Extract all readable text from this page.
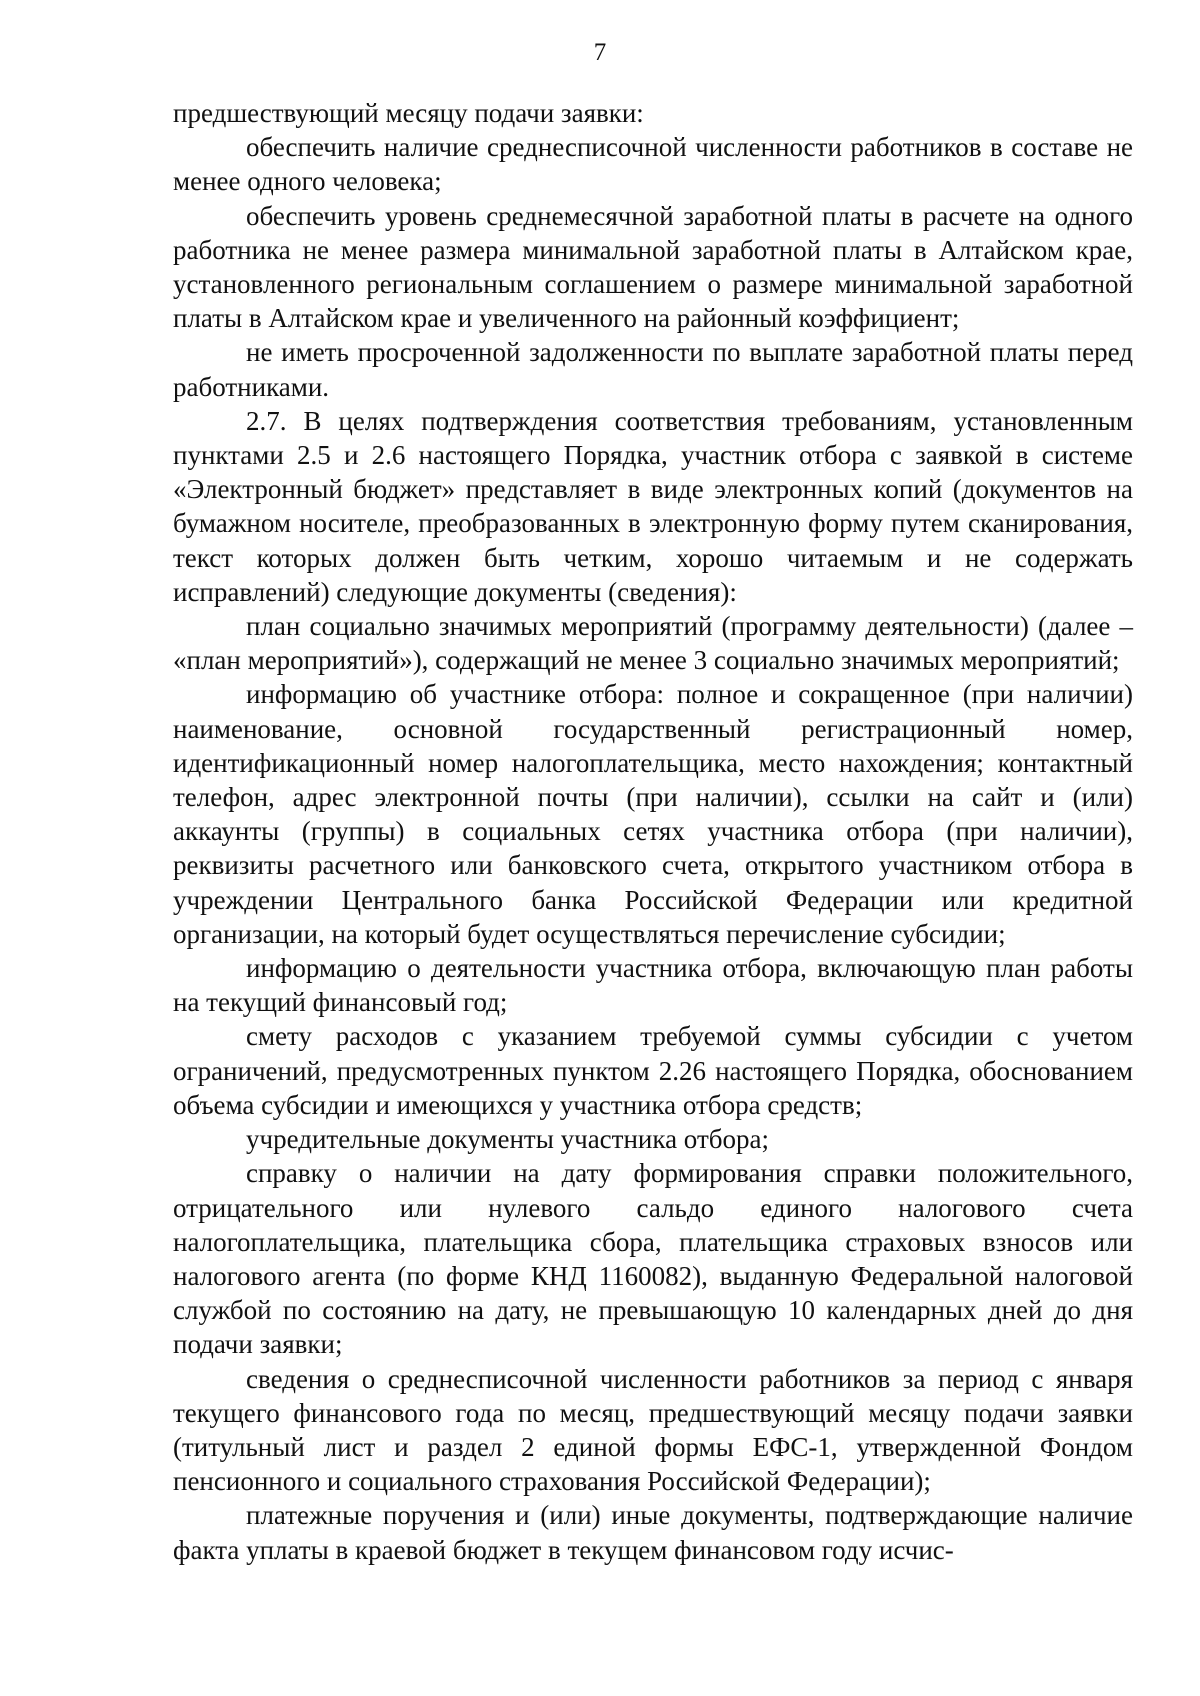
7

предшествующий месяцу подачи заявки:

обеспечить наличие среднесписочной численности работников в составе не менее одного человека;

обеспечить уровень среднемесячной заработной платы в расчете на одного работника не менее размера минимальной заработной платы в Алтайском крае, установленного региональным соглашением о размере минимальной заработной платы в Алтайском крае и увеличенного на районный коэффициент;

не иметь просроченной задолженности по выплате заработной платы перед работниками.

2.7. В целях подтверждения соответствия требованиям, установленным пунктами 2.5 и 2.6 настоящего Порядка, участник отбора с заявкой в системе «Электронный бюджет» представляет в виде электронных копий (документов на бумажном носителе, преобразованных в электронную форму путем сканирования, текст которых должен быть четким, хорошо читаемым и не содержать исправлений) следующие документы (сведения):

план социально значимых мероприятий (программу деятельности) (далее – «план мероприятий»), содержащий не менее 3 социально значимых мероприятий;

информацию об участнике отбора: полное и сокращенное (при наличии) наименование, основной государственный регистрационный номер, идентификационный номер налогоплательщика, место нахождения; контактный телефон, адрес электронной почты (при наличии), ссылки на сайт и (или) аккаунты (группы) в социальных сетях участника отбора (при наличии), реквизиты расчетного или банковского счета, открытого участником отбора в учреждении Центрального банка Российской Федерации или кредитной организации, на который будет осуществляться перечисление субсидии;

информацию о деятельности участника отбора, включающую план работы на текущий финансовый год;

смету расходов с указанием требуемой суммы субсидии с учетом ограничений, предусмотренных пунктом 2.26 настоящего Порядка, обоснованием объема субсидии и имеющихся у участника отбора средств;

учредительные документы участника отбора;

справку о наличии на дату формирования справки положительного, отрицательного или нулевого сальдо единого налогового счета налогоплательщика, плательщика сбора, плательщика страховых взносов или налогового агента (по форме КНД 1160082), выданную Федеральной налоговой службой по состоянию на дату, не превышающую 10 календарных дней до дня подачи заявки;

сведения о среднесписочной численности работников за период с января текущего финансового года по месяц, предшествующий месяцу подачи заявки (титульный лист и раздел 2 единой формы ЕФС-1, утвержденной Фондом пенсионного и социального страхования Российской Федерации);

платежные поручения и (или) иные документы, подтверждающие наличие факта уплаты в краевой бюджет в текущем финансовом году исчис-
